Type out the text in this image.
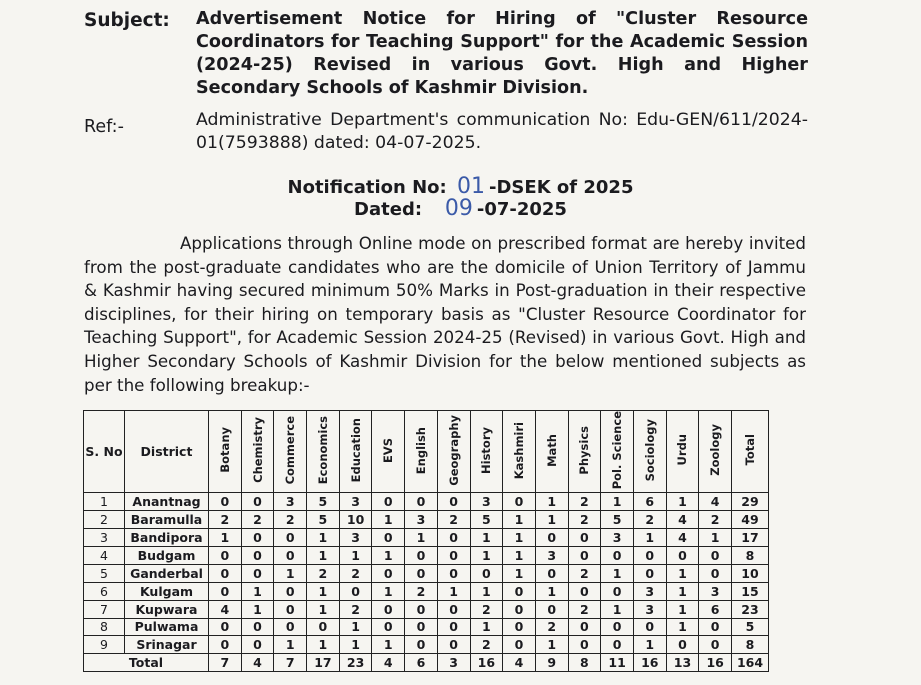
Subject: Advertisement Notice for Hiring of "Cluster Resource Coordinators for Teaching Support" for the Academic Session (2024-25) Revised in various Govt. High and Higher Secondary Schools of Kashmir Division.
Ref:-	Administrative Department's communication No: Edu-GEN/611/2024-01(7593888) dated: 04-07-2025.
Notification No: 01 -DSEK of 2025
Dated: 09 -07-2025
Applications through Online mode on prescribed format are hereby invited from the post-graduate candidates who are the domicile of Union Territory of Jammu & Kashmir having secured minimum 50% Marks in Post-graduation in their respective disciplines, for their hiring on temporary basis as "Cluster Resource Coordinator for Teaching Support", for Academic Session 2024-25 (Revised) in various Govt. High and Higher Secondary Schools of Kashmir Division for the below mentioned subjects as per the following breakup:-
S. No	District	Botany	Chemistry	Commerce	Economics	Education	EVS	English	Geography	History	Kashmiri	Math	Physics	Pol. Science	Sociology	Urdu	Zoology	Total
1	Anantnag	0	0	3	5	3	0	0	0	3	0	1	2	1	6	1	4	29
2	Baramulla	2	2	2	5	10	1	3	2	5	1	1	2	5	2	4	2	49
3	Bandipora	1	0	0	1	3	0	1	0	1	1	0	0	3	1	4	1	17
4	Budgam	0	0	0	1	1	1	0	0	1	1	3	0	0	0	0	0	8
5	Ganderbal	0	0	1	2	2	0	0	0	0	1	0	2	1	0	1	0	10
6	Kulgam	0	1	0	1	0	1	2	1	1	0	1	0	0	3	1	3	15
7	Kupwara	4	1	0	1	2	0	0	0	2	0	0	2	1	3	1	6	23
8	Pulwama	0	0	0	0	1	0	0	0	1	0	2	0	0	0	1	0	5
9	Srinagar	0	0	1	1	1	1	0	0	2	0	1	0	0	1	0	0	8
Total		7	4	7	17	23	4	6	3	16	4	9	8	11	16	13	16	164
